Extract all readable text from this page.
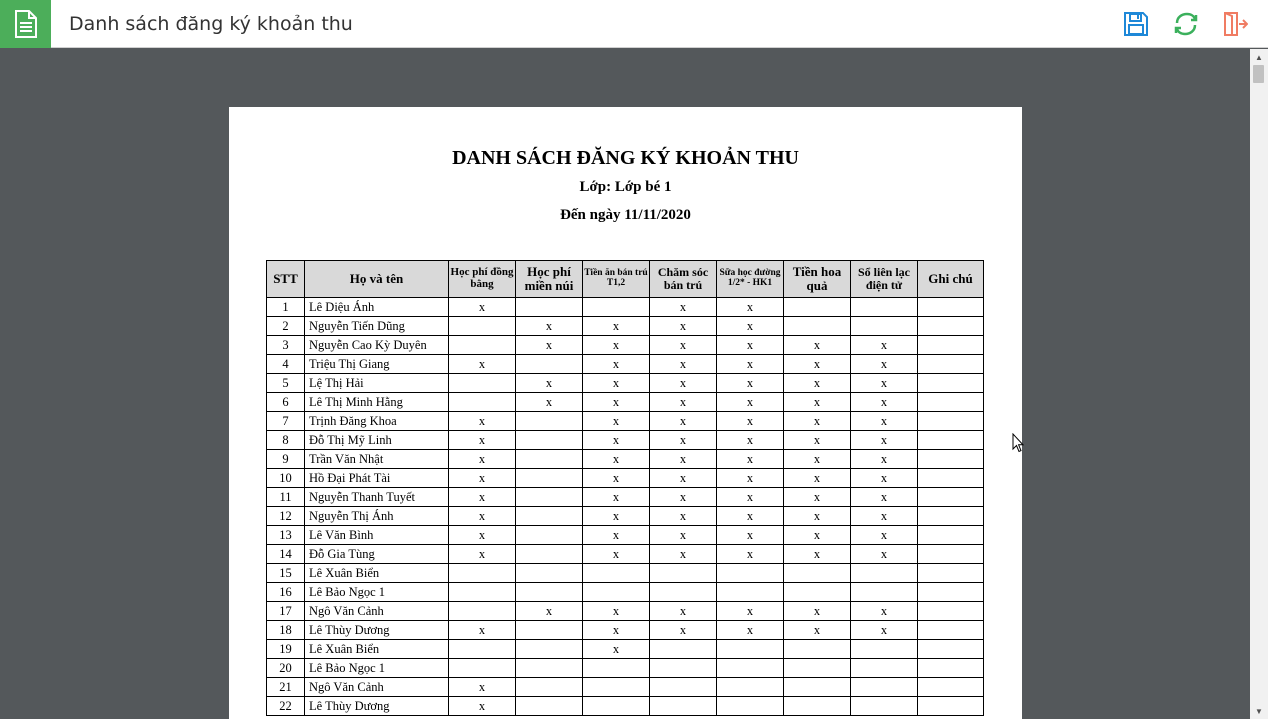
Danh sách đăng ký khoản thu
DANH SÁCH ĐĂNG KÝ KHOẢN THU
Lớp: Lớp bé 1
Đến ngày 11/11/2020
STT	Họ và tên	Học phí đồng bằng	Học phí miền núi	Tiền ăn bán trú T1,2	Chăm sóc bán trú	Sữa học đường 1/2* - HK1	Tiền hoa quả	Sổ liên lạc điện tử	Ghi chú
1	Lê Diệu Ánh	x			x	x			
2	Nguyễn Tiến Dũng		x	x	x	x			
3	Nguyễn Cao Kỳ Duyên		x	x	x	x	x	x	
4	Triệu Thị Giang	x		x	x	x	x	x	
5	Lệ Thị Hải		x	x	x	x	x	x	
6	Lê Thị Minh Hằng		x	x	x	x	x	x	
7	Trịnh Đăng Khoa	x		x	x	x	x	x	
8	Đỗ Thị Mỹ Linh	x		x	x	x	x	x	
9	Trần Văn Nhật	x		x	x	x	x	x	
10	Hồ Đại Phát Tài	x		x	x	x	x	x	
11	Nguyễn Thanh Tuyết	x		x	x	x	x	x	
12	Nguyễn Thị Ánh	x		x	x	x	x	x	
13	Lê Văn Bình	x		x	x	x	x	x	
14	Đỗ Gia Tùng	x		x	x	x	x	x	
15	Lê Xuân Biển								
16	Lê Bảo Ngọc 1								
17	Ngô Văn Cảnh		x	x	x	x	x	x	
18	Lê Thùy Dương	x		x	x	x	x	x	
19	Lê Xuân Biển			x					
20	Lê Bảo Ngọc 1								
21	Ngô Văn Cảnh	x							
22	Lê Thùy Dương	x							
▲
▼
